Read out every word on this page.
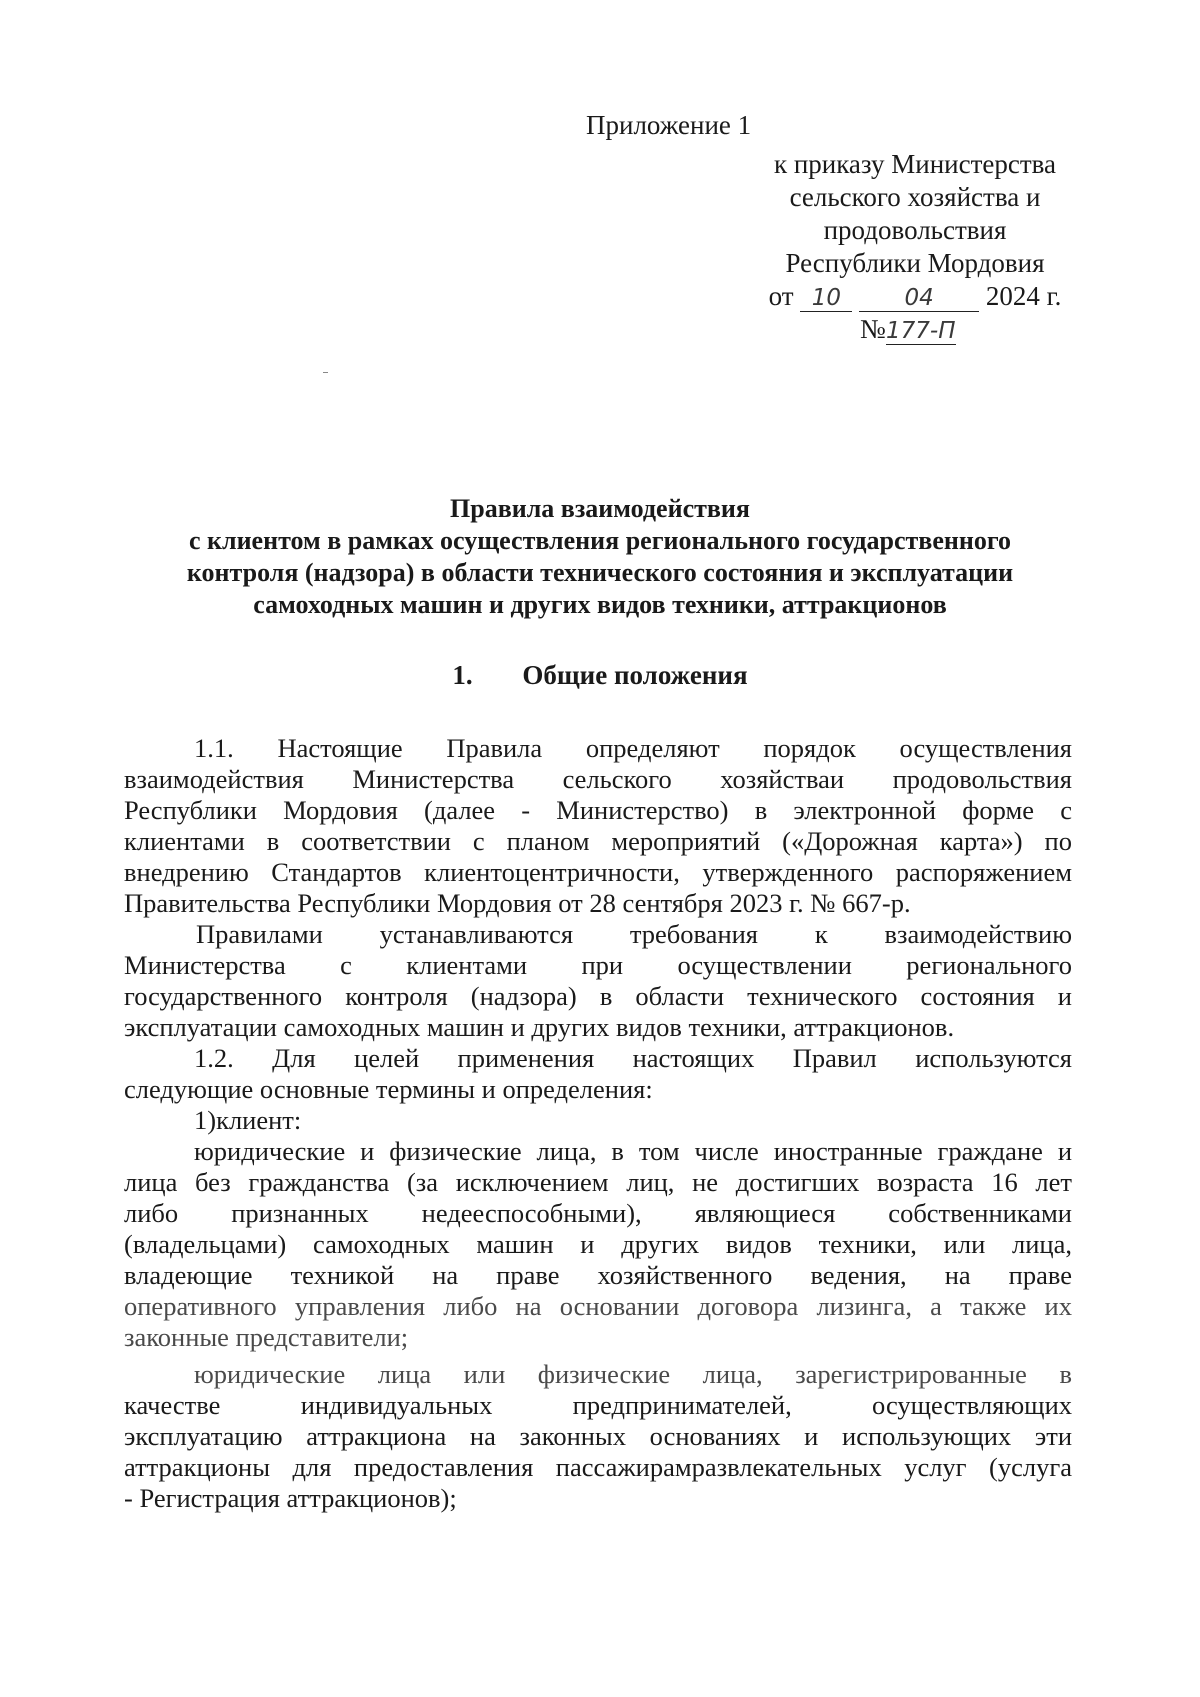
Приложение 1
к приказу Министерства
сельского хозяйства и
продовольствия
Республики Мордовия
от 10	04 2024 г.
№177-П
Правила взаимодействия
с клиентом в рамках осуществления регионального государственного
контроля (надзора) в области технического состояния и эксплуатации
самоходных машин и других видов техники, аттракционов
1. Общие положения
1.1. Настоящие Правила определяют порядок осуществления
взаимодействия Министерства сельского хозяйстваи продовольствия
Республики Мордовия (далее - Министерство) в электронной форме с
клиентами в соответствии с планом мероприятий («Дорожная карта») по
внедрению Стандартов клиентоцентричности, утвержденного распоряжением
Правительства Республики Мордовия от 28 сентября 2023 г. № 667-р.
Правилами устанавливаются требования к взаимодействию
Министерства с клиентами при осуществлении регионального
государственного контроля (надзора) в области технического состояния и
эксплуатации самоходных машин и других видов техники, аттракционов.
1.2. Для целей применения настоящих Правил используются
следующие основные термины и определения:
1)клиент:
юридические и физические лица, в том числе иностранные граждане и
лица без гражданства (за исключением лиц, не достигших возраста 16 лет
либо признанных недееспособными), являющиеся собственниками
(владельцами) самоходных машин и других видов техники, или лица,
владеющие техникой на праве хозяйственного ведения, на праве
оперативного управления либо на основании договора лизинга, а также их
законные представители;
юридические лица или физические лица, зарегистрированные в
качестве индивидуальных предпринимателей, осуществляющих
эксплуатацию аттракциона на законных основаниях и использующих эти
аттракционы для предоставления пассажирамразвлекательных услуг (услуга
- Регистрация аттракционов);
